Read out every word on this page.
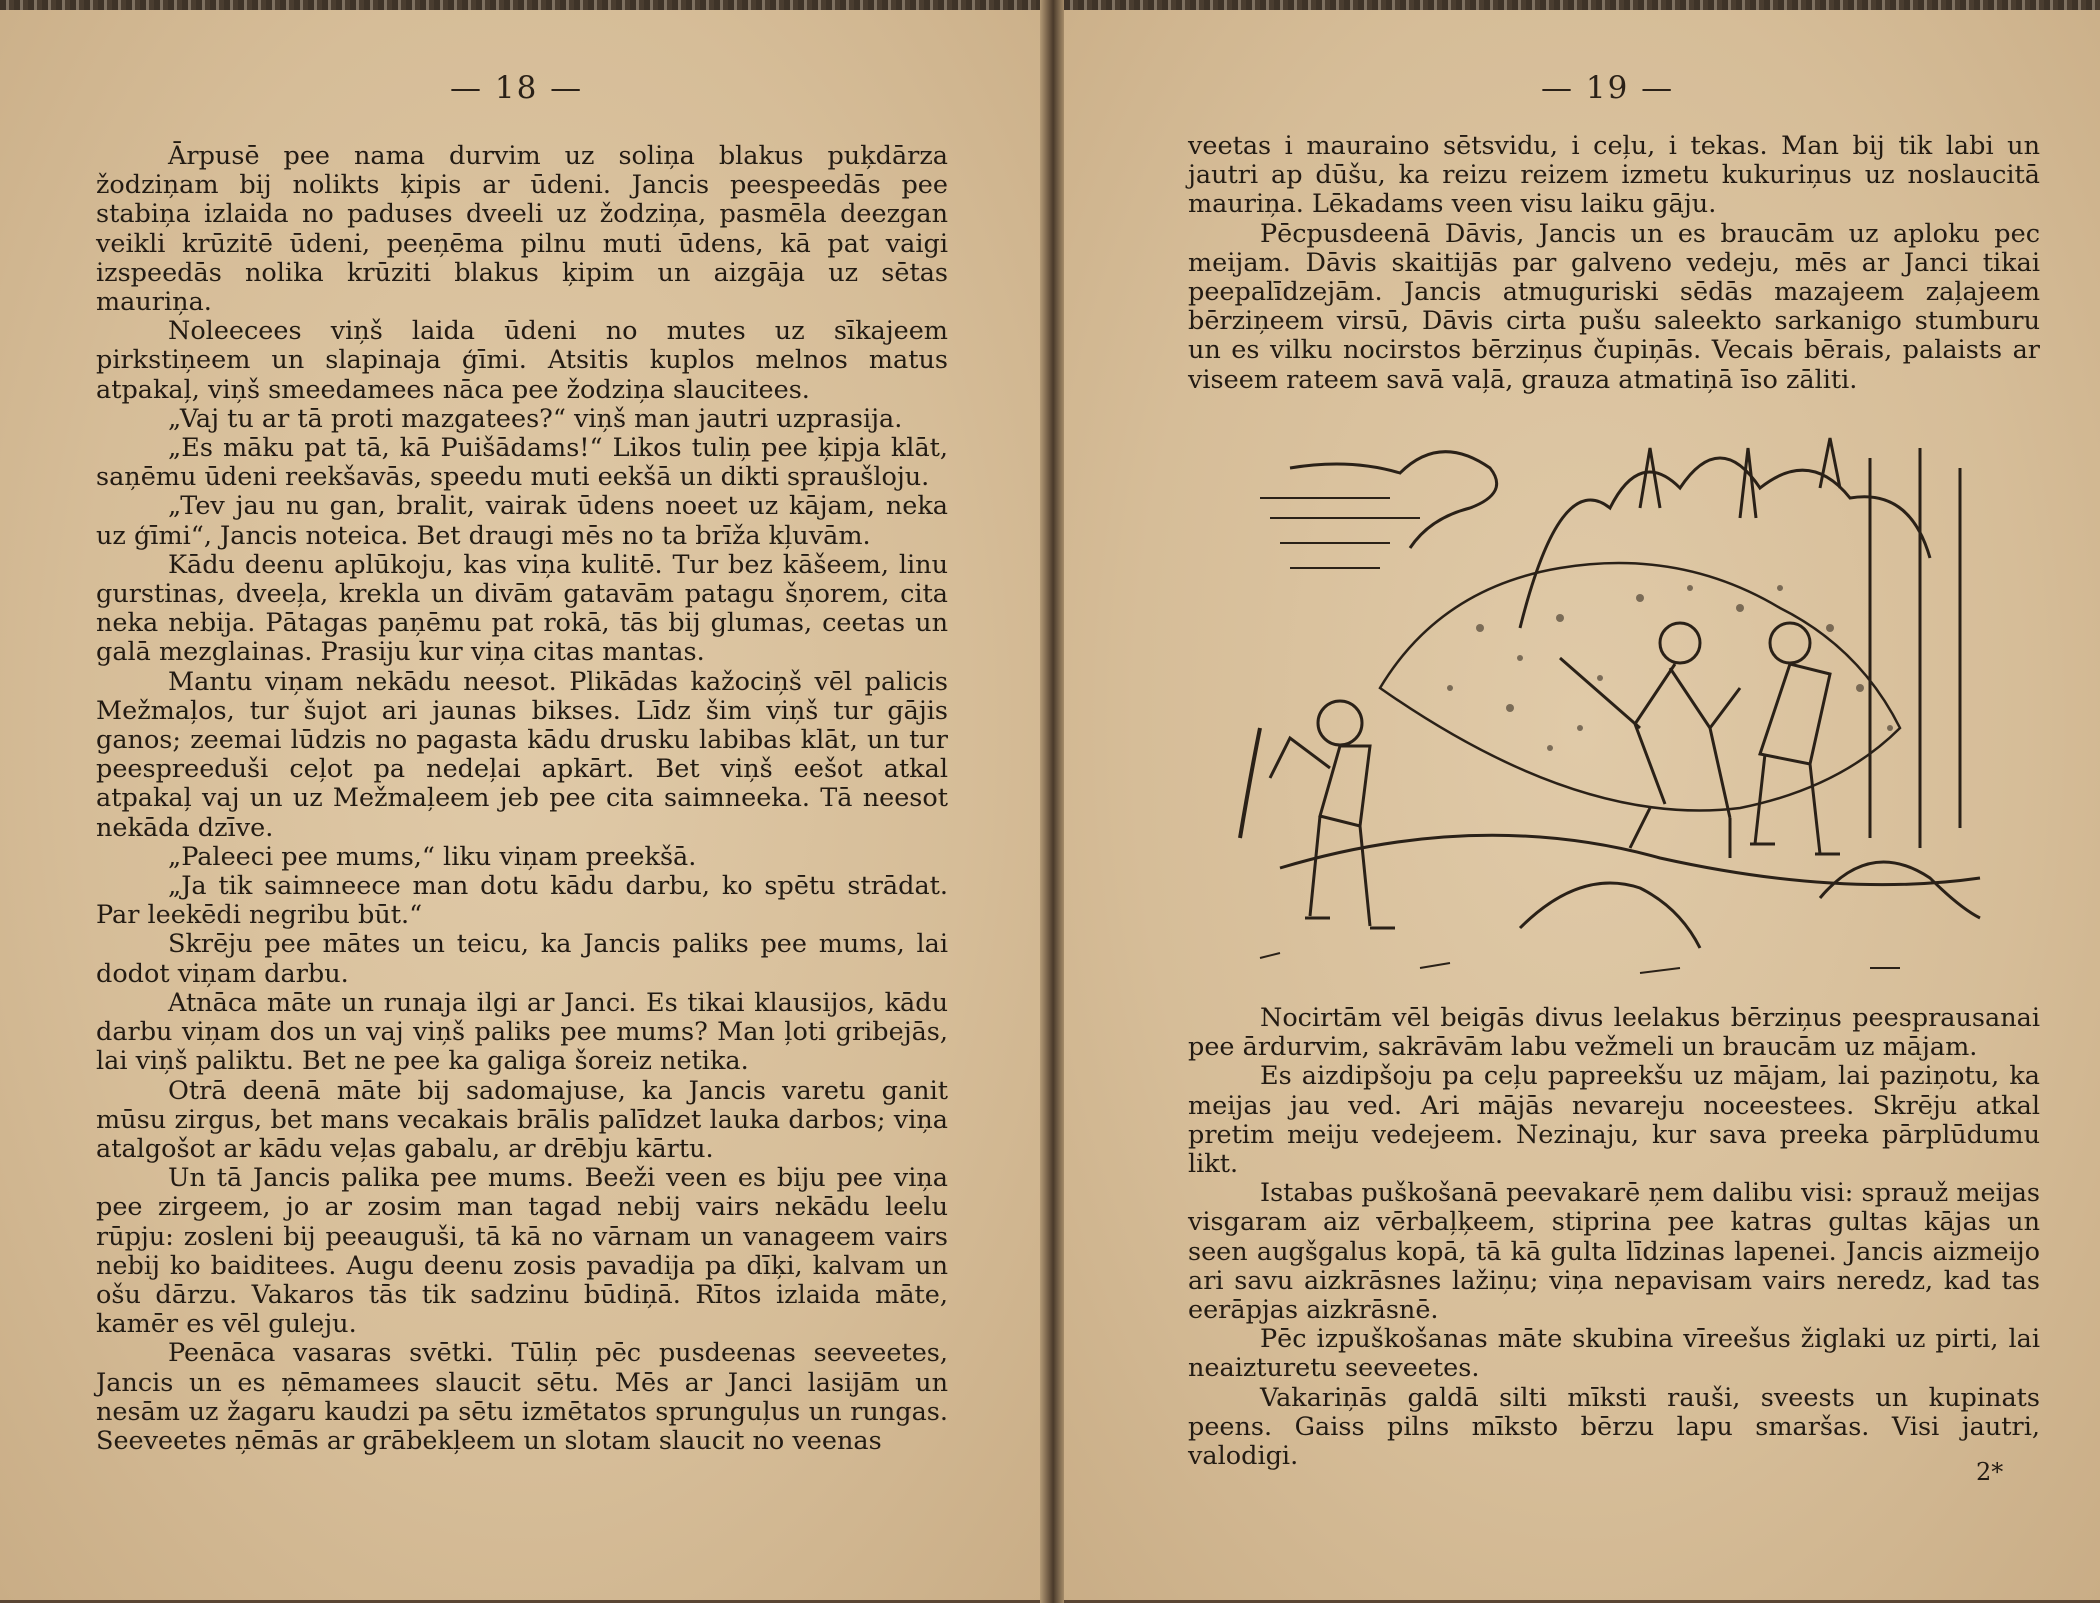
— 18 —

Ārpusē pee nama durvim uz soliņa blakus puķdārza žodziņam bij nolikts ķipis ar ūdeni. Jancis peespeedās pee stabiņa izlaida no paduses dveeli uz žodziņa, pasmēla deezgan veikli krūzitē ūdeni, peeņēma pilnu muti ūdens, kā pat vaigi izspeedās nolika krūziti blakus ķipim un aizgāja uz sētas mauriņa.

Noleecees viņš laida ūdeni no mutes uz sīkajeem pirkstiņeem un slapinaja ģīmi. Atsitis kuplos melnos matus atpakaļ, viņš smeedamees nāca pee žodziņa slaucitees.

„Vaj tu ar tā proti mazgatees?“ viņš man jautri uzprasija.

„Es māku pat tā, kā Puišādams!“ Likos tuliņ pee ķipja klāt, saņēmu ūdeni reekšavās, speedu muti eekšā un dikti spraušloju.

„Tev jau nu gan, bralit, vairak ūdens noeet uz kājam, neka uz ģīmi“, Jancis noteica. Bet draugi mēs no ta brīža kļuvām.

Kādu deenu aplūkoju, kas viņa kulitē. Tur bez kāšeem, linu gurstinas, dveeļa, krekla un divām gatavām patagu šņorem, cita neka nebija. Pātagas paņēmu pat rokā, tās bij glumas, ceetas un galā mezglainas. Prasiju kur viņa citas mantas.

Mantu viņam nekādu neesot. Plikādas kažociņš vēl palicis Mežmaļos, tur šujot ari jaunas bikses. Līdz šim viņš tur gājis ganos; zeemai lūdzis no pagasta kādu drusku labibas klāt, un tur peespreeduši ceļot pa nedeļai apkārt. Bet viņš eešot atkal atpakaļ vaj un uz Mežmaļeem jeb pee cita saimneeka. Tā neesot nekāda dzīve.

„Paleeci pee mums,“ liku viņam preekšā.

„Ja tik saimneece man dotu kādu darbu, ko spētu strādat. Par leekēdi negribu būt.“

Skrēju pee mātes un teicu, ka Jancis paliks pee mums, lai dodot viņam darbu.

Atnāca māte un runaja ilgi ar Janci. Es tikai klausijos, kādu darbu viņam dos un vaj viņš paliks pee mums? Man ļoti gribejās, lai viņš paliktu. Bet ne pee ka galiga šoreiz netika.

Otrā deenā māte bij sadomajuse, ka Jancis varetu ganit mūsu zirgus, bet mans vecakais brālis palīdzet lauka darbos; viņa atalgošot ar kādu veļas gabalu, ar drēbju kārtu.

Un tā Jancis palika pee mums. Beeži veen es biju pee viņa pee zirgeem, jo ar zosim man tagad nebij vairs nekādu leelu rūpju: zosleni bij peeauguši, tā kā no vārnam un vanageem vairs nebij ko baiditees. Augu deenu zosis pavadija pa dīķi, kalvam un ošu dārzu. Vakaros tās tik sadzinu būdiņā. Rītos izlaida māte, kamēr es vēl guleju.

Peenāca vasaras svētki. Tūliņ pēc pusdeenas seeveetes, Jancis un es ņēmamees slaucit sētu. Mēs ar Janci lasijām un nesām uz žagaru kaudzi pa sētu izmētatos sprunguļus un rungas. Seeveetes ņēmās ar grābekļeem un slotam slaucit no veenas

— 19 —

veetas i mauraino sētsvidu, i ceļu, i tekas. Man bij tik labi un jautri ap dūšu, ka reizu reizem izmetu kukuriņus uz noslaucitā mauriņa. Lēkadams veen visu laiku gāju.

Pēcpusdeenā Dāvis, Jancis un es braucām uz aploku pec meijam. Dāvis skaitijās par galveno vedeju, mēs ar Janci tikai peepalīdzejām. Jancis atmuguriski sēdās mazajeem zaļajeem bērziņeem virsū, Dāvis cirta pušu saleekto sarkanigo stumburu un es vilku nocirstos bērziņus čupiņās. Vecais bērais, palaists ar viseem rateem savā vaļā, grauza atmatiņā īso zāliti.

Nocirtām vēl beigās divus leelakus bērziņus peesprausanai pee ārdurvim, sakrāvām labu vežmeli un braucām uz mājam.

Es aizdipšoju pa ceļu papreekšu uz mājam, lai paziņotu, ka meijas jau ved. Ari mājās nevareju noceestees. Skrēju atkal pretim meiju vedejeem. Nezinaju, kur sava preeka pārplūdumu likt.

Istabas puškošanā peevakarē ņem dalibu visi: sprauž meijas visgaram aiz vērbaļķeem, stiprina pee katras gultas kājas un seen augšgalus kopā, tā kā gulta līdzinas lapenei. Jancis aizmeijo ari savu aizkrāsnes lažiņu; viņa nepavisam vairs neredz, kad tas eerāpjas aizkrāsnē.

Pēc izpuškošanas māte skubina vīreešus žiglaki uz pirti, lai neaizturetu seeveetes.

Vakariņās galdā silti mīksti rauši, sveests un kupinats peens. Gaiss pilns mīksto bērzu lapu smaršas. Visi jautri, valodigi.

2*
